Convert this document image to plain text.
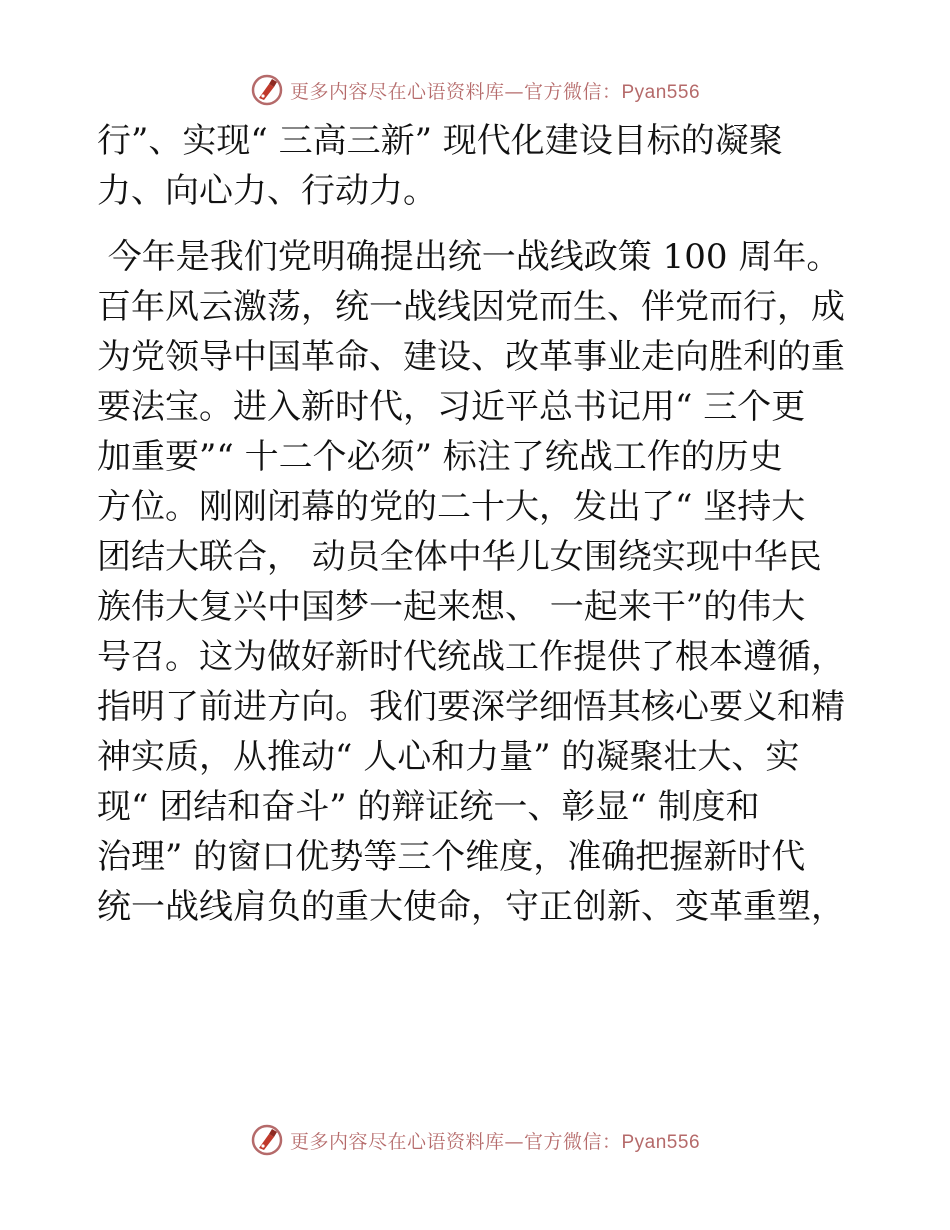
更多内容尽在心语资料库—官方微信：Pyan556
行”、实现“ 三高三新” 现代化建设目标的凝聚
力、向心力、行动力。
今年是我们党明确提出统一战线政策 100 周年。
百年风云激荡，统一战线因党而生、伴党而行，成
为党领导中国革命、建设、改革事业走向胜利的重
要法宝。进入新时代，习近平总书记用“ 三个更
加重要”“ 十二个必须” 标注了统战工作的历史
方位。刚刚闭幕的党的二十大，发出了“ 坚持大
团结大联合， 动员全体中华儿女围绕实现中华民
族伟大复兴中国梦一起来想、 一起来干”的伟大
号召。这为做好新时代统战工作提供了根本遵循，
指明了前进方向。我们要深学细悟其核心要义和精
神实质，从推动“ 人心和力量” 的凝聚壮大、实
现“ 团结和奋斗” 的辩证统一、彰显“ 制度和
治理” 的窗口优势等三个维度，准确把握新时代
统一战线肩负的重大使命，守正创新、变革重塑，
更多内容尽在心语资料库—官方微信：Pyan556
